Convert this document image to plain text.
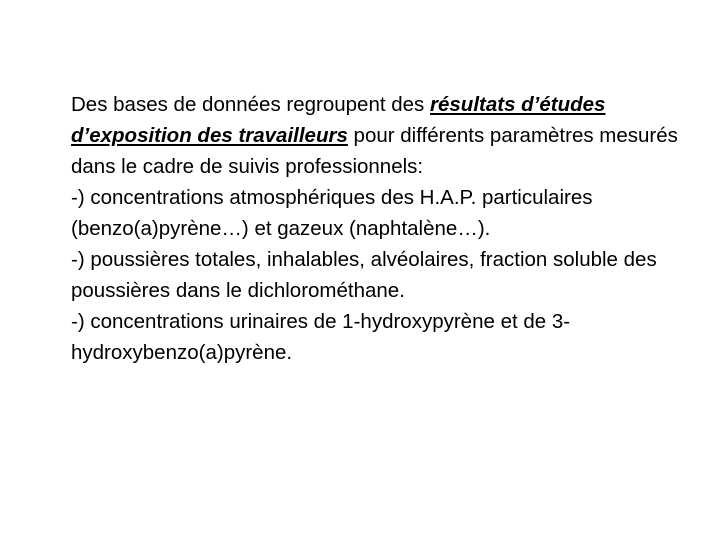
Des bases de données regroupent des résultats d’études d’exposition des travailleurs pour différents paramètres mesurés dans le cadre de suivis professionnels:

-) concentrations atmosphériques des H.A.P. particulaires (benzo(a)pyrène…) et gazeux (naphtalène…).

-) poussières totales, inhalables, alvéolaires, fraction soluble des poussières dans le dichlorométhane.

-) concentrations urinaires de 1-hydroxypyrène et de 3- hydroxybenzo(a)pyrène.
